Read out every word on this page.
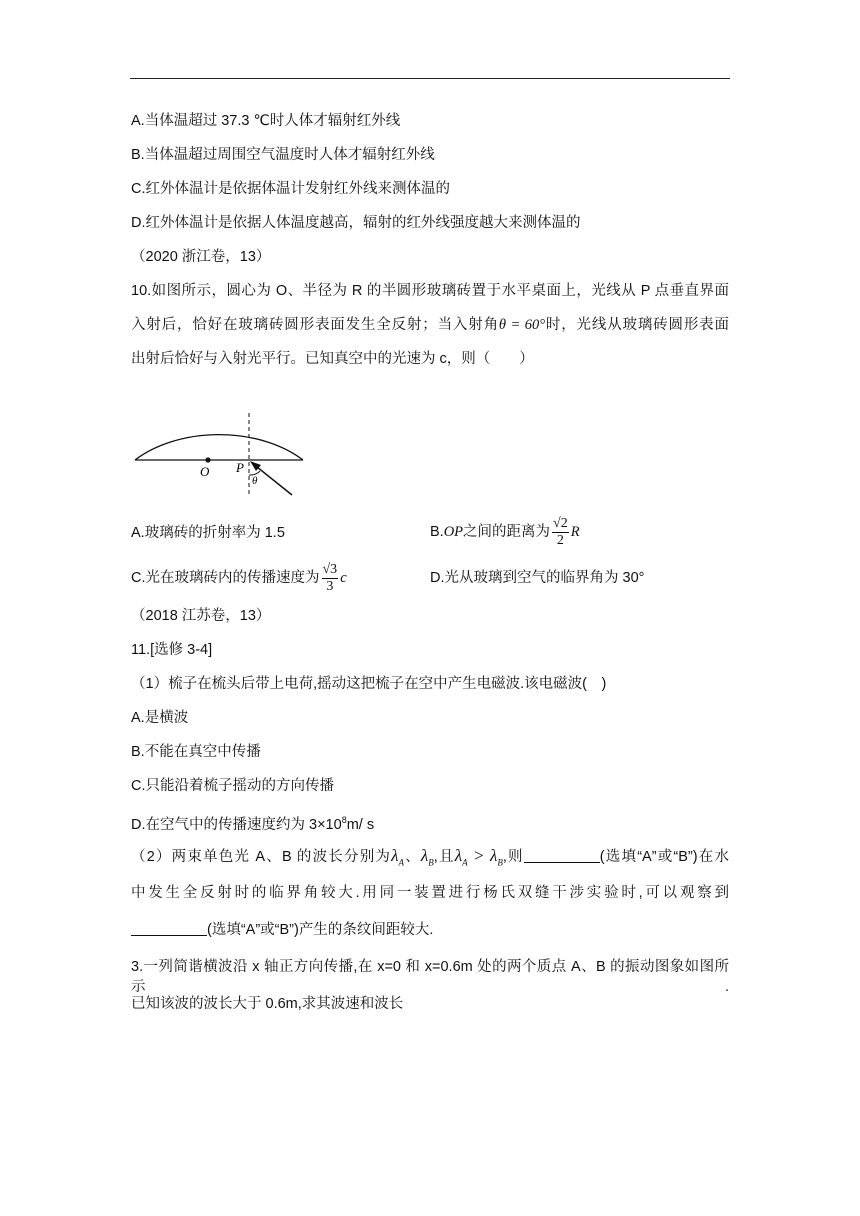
A.当体温超过 37.3 ℃时人体才辐射红外线
B.当体温超过周围空气温度时人体才辐射红外线
C.红外体温计是依据体温计发射红外线来测体温的
D.红外体温计是依据人体温度越高，辐射的红外线强度越大来测体温的
（2020 浙江卷，13）
10.如图所示，圆心为 O、半径为 R 的半圆形玻璃砖置于水平桌面上，光线从 P 点垂直界面
入射后，恰好在玻璃砖圆形表面发生全反射；当入射角θ = 60°时，光线从玻璃砖圆形表面
出射后恰好与入射光平行。已知真空中的光速为 c，则（　　）
O P
θ
A.玻璃砖的折射率为 1.5	B.OP之间的距离为 $\frac{√2}{2}$ R
C.光在玻璃砖内的传播速度为 $\frac{√3}{3}$ c	D.光从玻璃到空气的临界角为 30°
（2018 江苏卷，13）
11.[选修 3-4]
（1）梳子在梳头后带上电荷,摇动这把梳子在空中产生电磁波.该电磁波(　)
A.是横波
B.不能在真空中传播
C.只能沿着梳子摇动的方向传播
D.在空气中的传播速度约为 $3\times 10^8m/$ s
（2）两束单色光 A、B 的波长分别为$\lambda_A$、$\lambda_B$,且$\lambda_A > \lambda_B$,则	(选填“A”或“B”)在水
中发生全反射时的临界角较大.用同一装置进行杨氏双缝干涉实验时,可以观察到
(选填“A”或“B”)产生的条纹间距较大.
3.一列简谐横波沿 x 轴正方向传播,在 x=0 和 x=0.6m 处的两个质点 A、B 的振动图象如图所示.
已知该波的波长大于 0.6m,求其波速和波长
